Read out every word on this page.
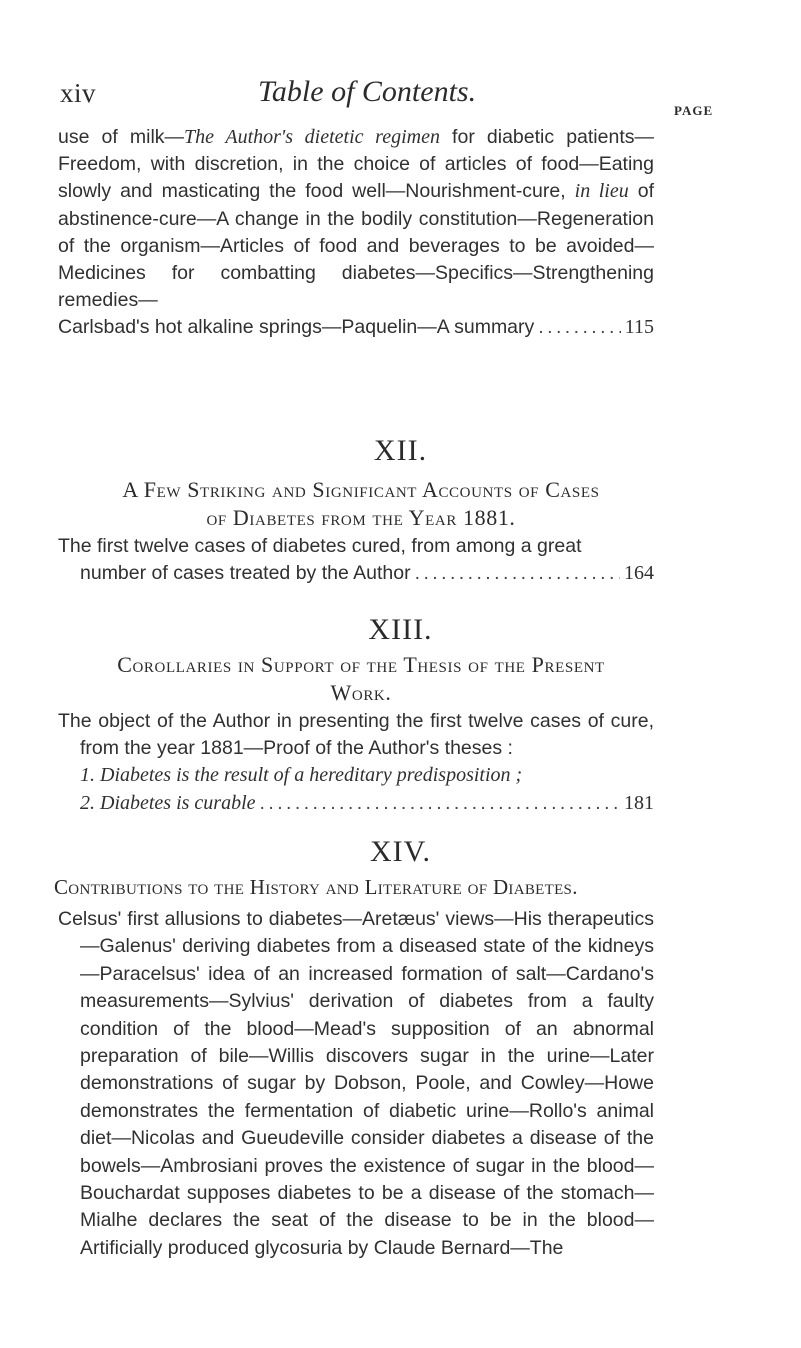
xiv	Table of Contents.
PAGE
use of milk—The Author's dietetic regimen for diabetic patients—Freedom, with discretion, in the choice of articles of food—Eating slowly and masticating the food well—Nourishment-cure, in lieu of abstinence-cure—A change in the bodily constitution—Regeneration of the organism—Articles of food and beverages to be avoided—Medicines for combatting diabetes—Specifics—Strengthening remedies—
Carlsbad's hot alkaline springs—Paquelin—A summary . . .	115
XII.
A Few Striking and Significant Accounts of Cases
of Diabetes from the Year 1881.
The first twelve cases of diabetes cured, from among a great
number of cases treated by the Author . . .	164
XIII.
Corollaries in Support of the Thesis of the Present
Work.
The object of the Author in presenting the first twelve cases of cure, from the year 1881—Proof of the Author's theses :
1. Diabetes is the result of a hereditary predisposition ;
2. Diabetes is curable . . .	181
XIV.
Contributions to the History and Literature of Diabetes.
Celsus' first allusions to diabetes—Aretæus' views—His therapeutics—Galenus' deriving diabetes from a diseased state of the kidneys—Paracelsus' idea of an increased formation of salt—Cardano's measurements—Sylvius' derivation of diabetes from a faulty condition of the blood—Mead's supposition of an abnormal preparation of bile—Willis discovers sugar in the urine—Later demonstrations of sugar by Dobson, Poole, and Cowley—Howe demonstrates the fermentation of diabetic urine—Rollo's animal diet—Nicolas and Gueudeville consider diabetes a disease of the bowels—Ambrosiani proves the existence of sugar in the blood—Bouchardat supposes diabetes to be a disease of the stomach—Mialhe declares the seat of the disease to be in the blood—Artificially produced glycosuria by Claude Bernard—The
